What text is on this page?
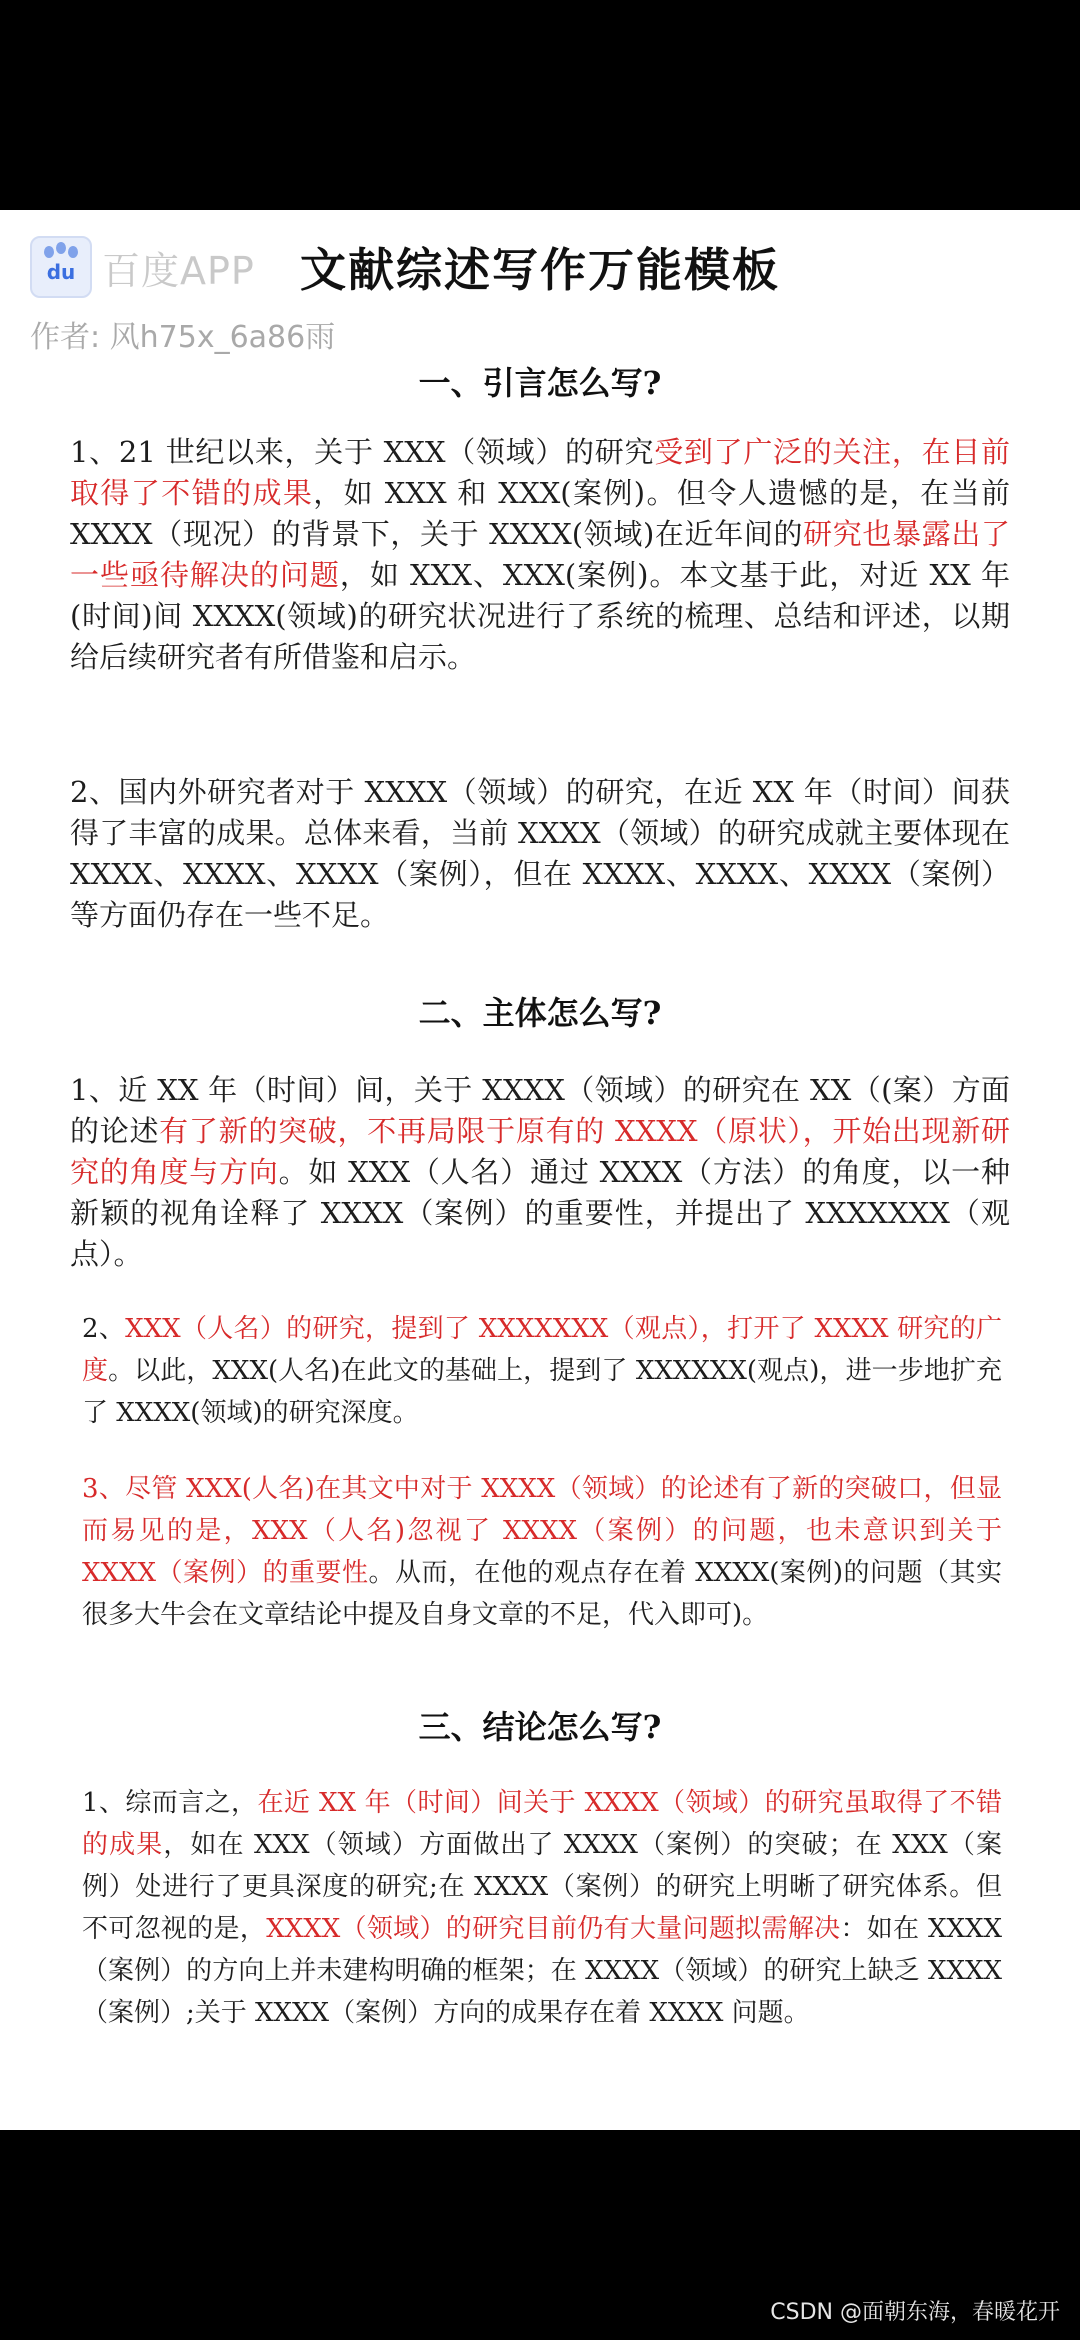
du 百度APP
作者: 风h75x_6a86雨
文献综述写作万能模板
一、引言怎么写?
1、21 世纪以来，关于 XXX（领域）的研究受到了广泛的关注，在目前取得了不错的成果，如 XXX 和 XXX(案例)。但令人遗憾的是，在当前 XXXX（现况）的背景下，关于 XXXX(领域)在近年间的研究也暴露出了一些亟待解决的问题，如 XXX、XXX(案例)。本文基于此，对近 XX 年(时间)间 XXXX(领域)的研究状况进行了系统的梳理、总结和评述，以期给后续研究者有所借鉴和启示。
2、国内外研究者对于 XXXX（领域）的研究，在近 XX 年（时间）间获得了丰富的成果。总体来看，当前 XXXX（领域）的研究成就主要体现在 XXXX、XXXX、XXXX（案例），但在 XXXX、XXXX、XXXX（案例）等方面仍存在一些不足。
二、主体怎么写?
1、近 XX 年（时间）间，关于 XXXX（领域）的研究在 XX（(案）方面的论述有了新的突破，不再局限于原有的 XXXX（原状），开始出现新研究的角度与方向。如 XXX（人名）通过 XXXX（方法）的角度，以一种新颖的视角诠释了 XXXX（案例）的重要性，并提出了 XXXXXXX（观点）。
2、XXX（人名）的研究，提到了 XXXXXXX（观点），打开了 XXXX 研究的广度。以此，XXX(人名)在此文的基础上，提到了 XXXXXX(观点)，进一步地扩充了 XXXX(领域)的研究深度。
3、尽管 XXX(人名)在其文中对于 XXXX（领域）的论述有了新的突破口，但显而易见的是，XXX（人名)忽视了 XXXX（案例）的问题，也未意识到关于 XXXX（案例）的重要性。从而，在他的观点存在着 XXXX(案例)的问题（其实很多大牛会在文章结论中提及自身文章的不足，代入即可)。
三、结论怎么写?
1、综而言之，在近 XX 年（时间）间关于 XXXX（领域）的研究虽取得了不错的成果，如在 XXX（领域）方面做出了 XXXX（案例）的突破；在 XXX（案例）处进行了更具深度的研究;在 XXXX（案例）的研究上明晰了研究体系。但不可忽视的是，XXXX（领域）的研究目前仍有大量问题拟需解决：如在 XXXX（案例）的方向上并未建构明确的框架；在 XXXX（领域）的研究上缺乏 XXXX（案例）;关于 XXXX（案例）方向的成果存在着 XXXX 问题。
CSDN @面朝东海，春暖花开
